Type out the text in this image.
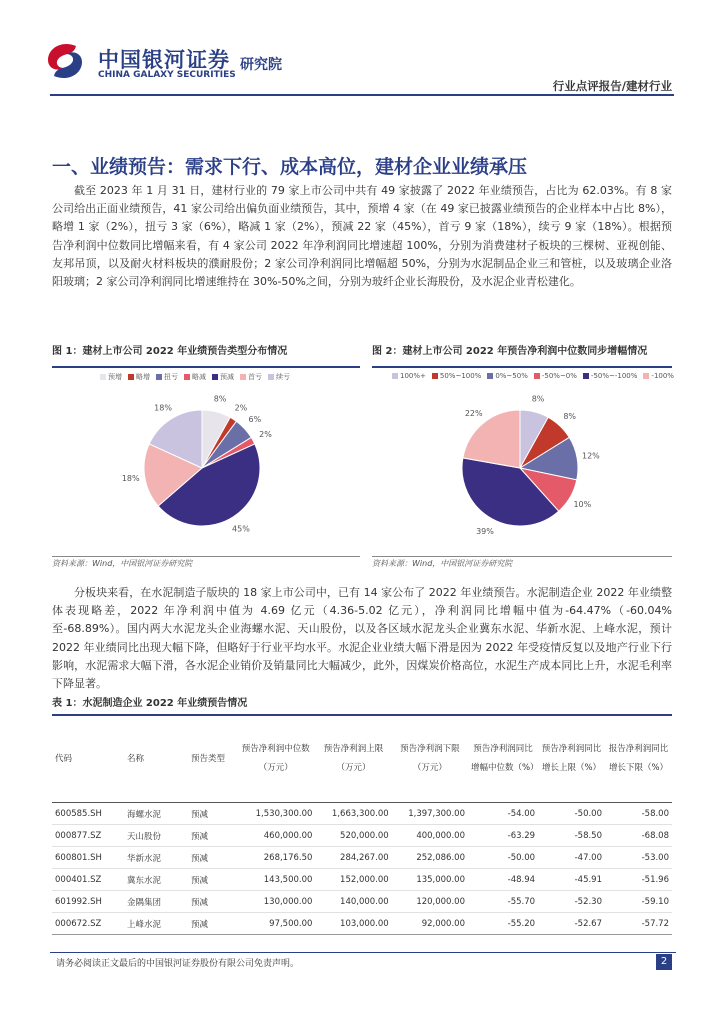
中国银河证券
CHINA GALAXY SECURITIES
研究院
行业点评报告/建材行业
一、业绩预告：需求下行、成本高位，建材企业业绩承压

截至 2023 年 1 月 31 日，建材行业的 79 家上市公司中共有 49 家披露了 2022 年业绩预告，占比为 62.03%。有 8 家公司给出正面业绩预告，41 家公司给出偏负面业绩预告，其中，预增 4 家（在 49 家已披露业绩预告的企业样本中占比 8%），略增 1 家（2%），扭亏 3 家（6%），略减 1 家（2%），预减 22 家（45%），首亏 9 家（18%），续亏 9 家（18%）。根据预告净利润中位数同比增幅来看，有 4 家公司 2022 年净利润同比增速超 100%，分别为消费建材子板块的三棵树、亚视创能、友邦吊顶，以及耐火材料板块的濮耐股份；2 家公司净利润同比增幅超 50%，分别为水泥制品企业三和管桩，以及玻璃企业洛阳玻璃；2 家公司净利润同比增速维持在 30%-50%之间，分别为玻纤企业长海股份，及水泥企业青松建化。

图 1：建材上市公司 2022 年业绩预告类型分布情况
预增 略增 扭亏 略减 预减 首亏 续亏
8%
2%
6%
2%
45%
18%
18%
资料来源：Wind，中国银河证券研究院
图 2：建材上市公司 2022 年预告净利润中位数同步增幅情况
100%+ 50%~100% 0%~50% -50%~0% -50%~-100% -100%
8%
8%
12%
10%
39%
22%
资料来源：Wind，中国银河证券研究院

分板块来看，在水泥制造子版块的 18 家上市公司中，已有 14 家公布了 2022 年业绩预告。水泥制造企业 2022 年业绩整体表现略差，2022 年净利润中值为 4.69 亿元（4.36-5.02 亿元），净利润同比增幅中值为-64.47%（-60.04%至-68.89%）。国内两大水泥龙头企业海螺水泥、天山股份，以及各区域水泥龙头企业冀东水泥、华新水泥、上峰水泥，预计 2022 年业绩同比出现大幅下降，但略好于行业平均水平。水泥企业业绩大幅下滑是因为 2022 年受疫情反复以及地产行业下行影响，水泥需求大幅下滑，各水泥企业销价及销量同比大幅减少，此外，因煤炭价格高位，水泥生产成本同比上升，水泥毛利率下降显著。

表 1：水泥制造企业 2022 年业绩预告情况
代码	名称	预告类型	预告净利润中位数（万元）	预告净利润上限（万元）	预告净利润下限（万元）	预告净利润同比增幅中位数（%）	预告净利润同比增长上限（%）	报告净利润同比增长下限（%）
600585.SH	海螺水泥	预减	1,530,300.00	1,663,300.00	1,397,300.00	-54.00	-50.00	-58.00
000877.SZ	天山股份	预减	460,000.00	520,000.00	400,000.00	-63.29	-58.50	-68.08
600801.SH	华新水泥	预减	268,176.50	284,267.00	252,086.00	-50.00	-47.00	-53.00
000401.SZ	冀东水泥	预减	143,500.00	152,000.00	135,000.00	-48.94	-45.91	-51.96
601992.SH	金隅集团	预减	130,000.00	140,000.00	120,000.00	-55.70	-52.30	-59.10
000672.SZ	上峰水泥	预减	97,500.00	103,000.00	92,000.00	-55.20	-52.67	-57.72
请务必阅读正文最后的中国银河证券股份有限公司免责声明。	2
